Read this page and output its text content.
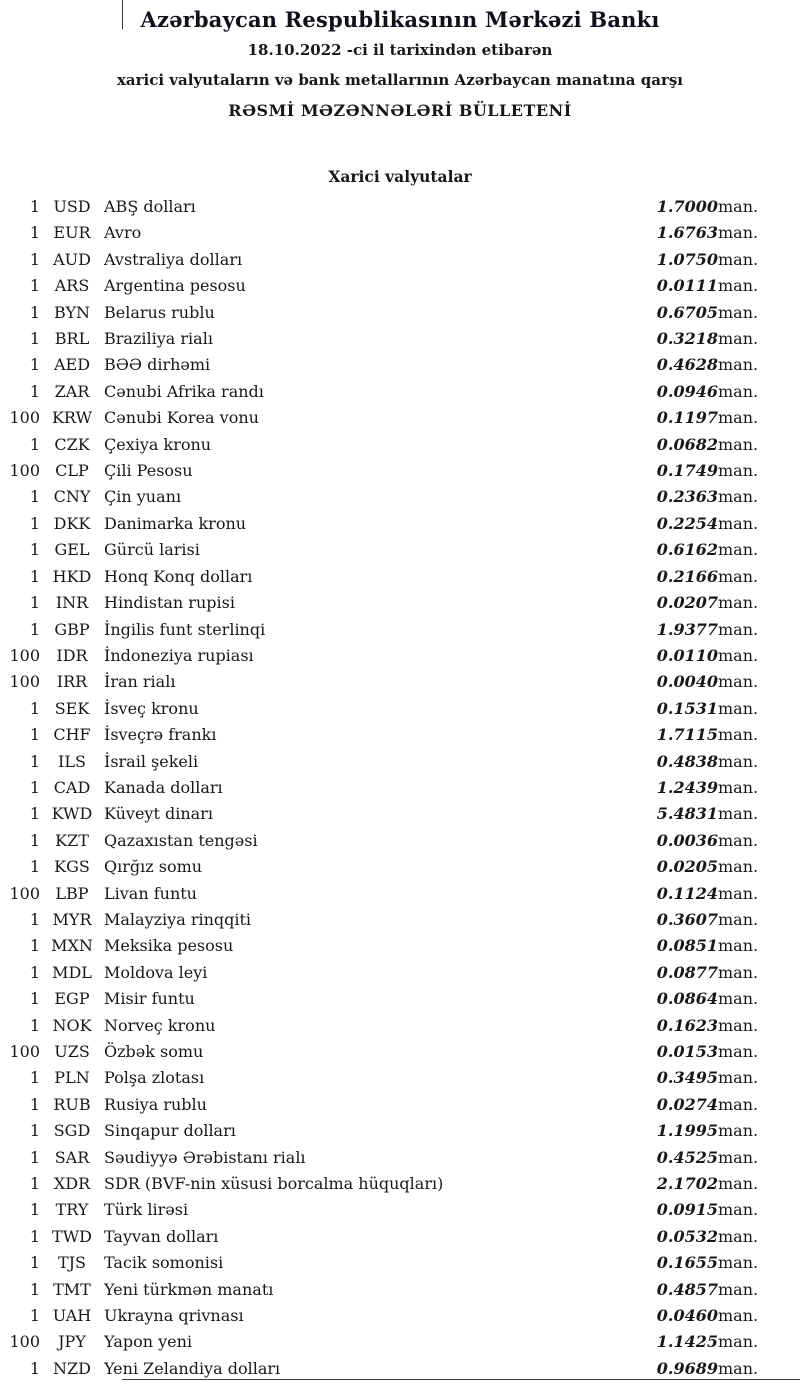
Azərbaycan Respublikasının Mərkəzi Bankı
18.10.2022 -ci il tarixindən etibarən
xarici valyutaların və bank metallarının Azərbaycan manatına qarşı
RƏSMİ MƏZƏNNƏLƏRİ BÜLLETENİ
Xarici valyutalar
1	USD	ABŞ dolları	1.7000	man.
1	EUR	Avro	1.6763	man.
1	AUD	Avstraliya dolları	1.0750	man.
1	ARS	Argentina pesosu	0.0111	man.
1	BYN	Belarus rublu	0.6705	man.
1	BRL	Braziliya rialı	0.3218	man.
1	AED	BƏƏ dirhəmi	0.4628	man.
1	ZAR	Cənubi Afrika randı	0.0946	man.
100	KRW	Cənubi Korea vonu	0.1197	man.
1	CZK	Çexiya kronu	0.0682	man.
100	CLP	Çili Pesosu	0.1749	man.
1	CNY	Çin yuanı	0.2363	man.
1	DKK	Danimarka kronu	0.2254	man.
1	GEL	Gürcü larisi	0.6162	man.
1	HKD	Honq Konq dolları	0.2166	man.
1	INR	Hindistan rupisi	0.0207	man.
1	GBP	İngilis funt sterlinqi	1.9377	man.
100	IDR	İndoneziya rupiası	0.0110	man.
100	IRR	İran rialı	0.0040	man.
1	SEK	İsveç kronu	0.1531	man.
1	CHF	İsveçrə frankı	1.7115	man.
1	ILS	İsrail şekeli	0.4838	man.
1	CAD	Kanada dolları	1.2439	man.
1	KWD	Küveyt dinarı	5.4831	man.
1	KZT	Qazaxıstan tengəsi	0.0036	man.
1	KGS	Qırğız somu	0.0205	man.
100	LBP	Livan funtu	0.1124	man.
1	MYR	Malayziya rinqqiti	0.3607	man.
1	MXN	Meksika pesosu	0.0851	man.
1	MDL	Moldova leyi	0.0877	man.
1	EGP	Misir funtu	0.0864	man.
1	NOK	Norveç kronu	0.1623	man.
100	UZS	Özbək somu	0.0153	man.
1	PLN	Polşa zlotası	0.3495	man.
1	RUB	Rusiya rublu	0.0274	man.
1	SGD	Sinqapur dolları	1.1995	man.
1	SAR	Səudiyyə Ərəbistanı rialı	0.4525	man.
1	XDR	SDR (BVF-nin xüsusi borcalma hüquqları)	2.1702	man.
1	TRY	Türk lirəsi	0.0915	man.
1	TWD	Tayvan dolları	0.0532	man.
1	TJS	Tacik somonisi	0.1655	man.
1	TMT	Yeni türkmən manatı	0.4857	man.
1	UAH	Ukrayna qrivnası	0.0460	man.
100	JPY	Yapon yeni	1.1425	man.
1	NZD	Yeni Zelandiya dolları	0.9689	man.
